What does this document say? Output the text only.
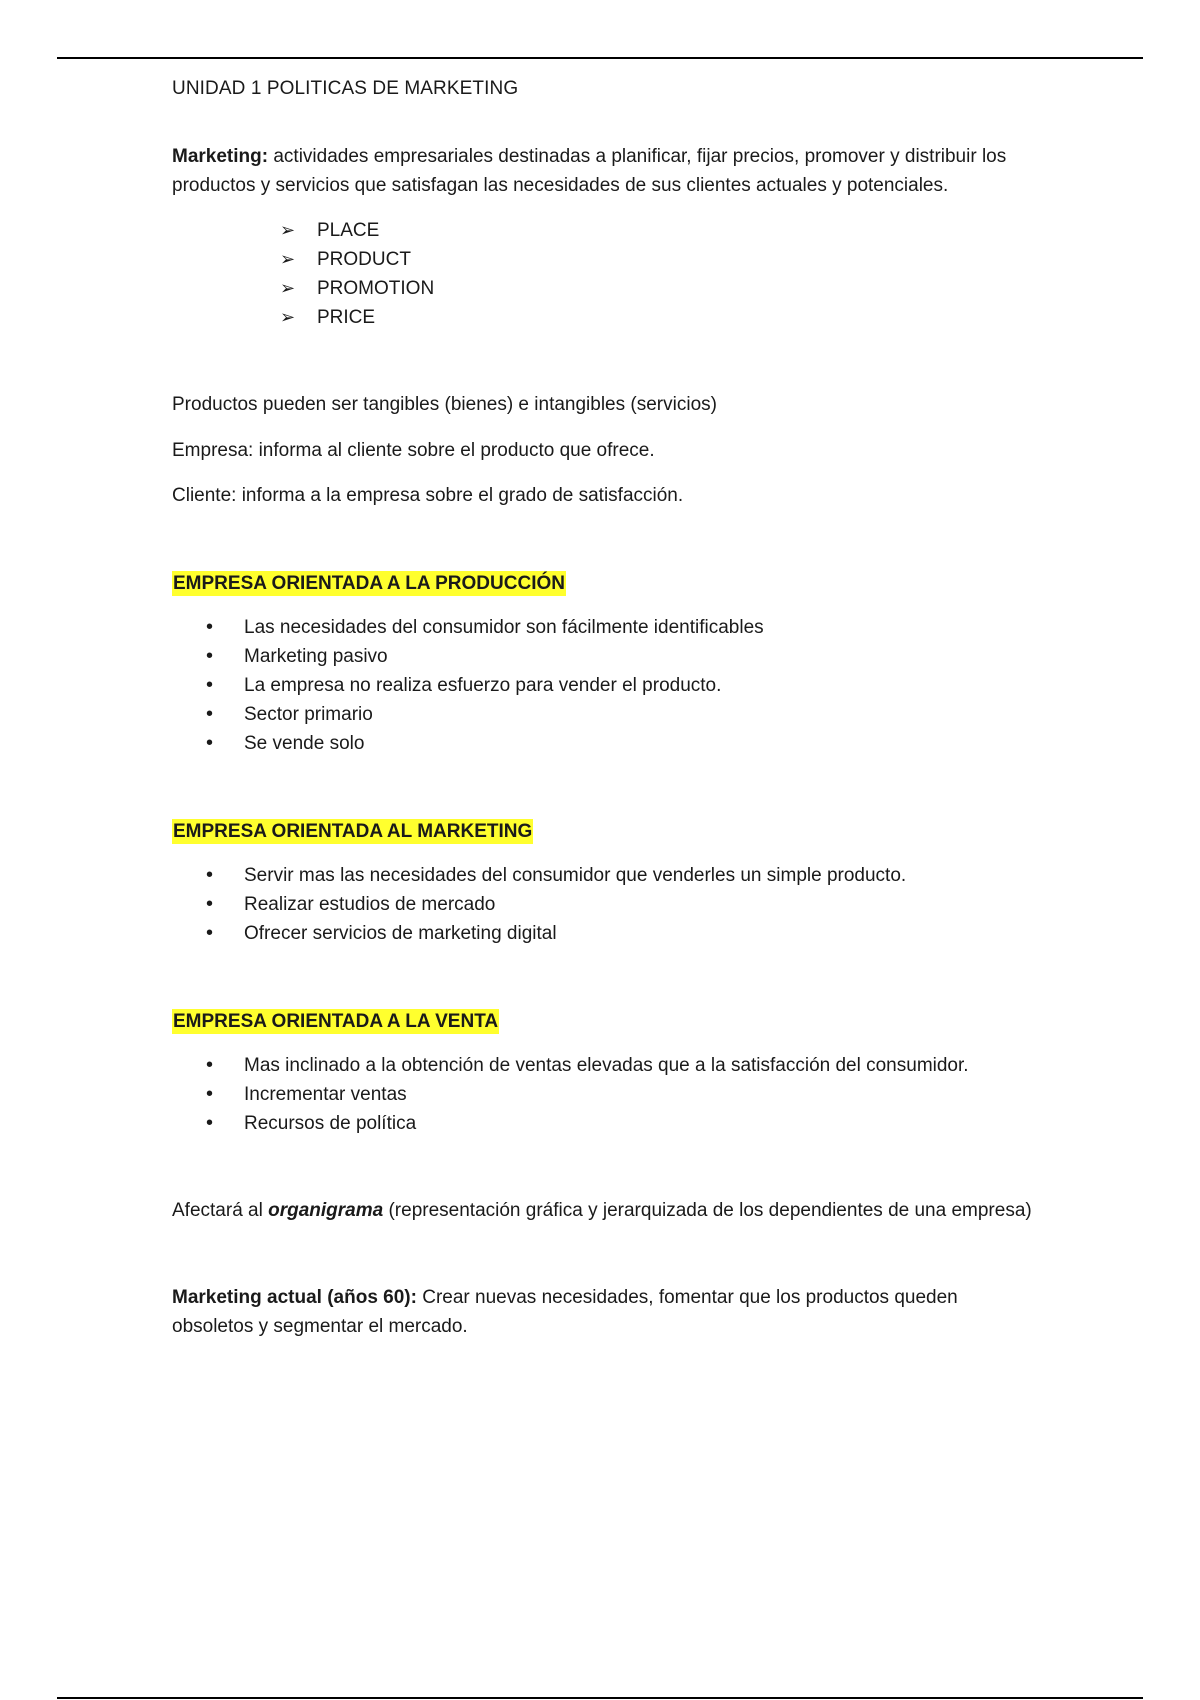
UNIDAD 1 POLITICAS DE MARKETING

Marketing: actividades empresariales destinadas a planificar, fijar precios, promover y distribuir los productos y servicios que satisfagan las necesidades de sus clientes actuales y potenciales.

➢ PLACE
➢ PRODUCT
➢ PROMOTION
➢ PRICE

Productos pueden ser tangibles (bienes) e intangibles (servicios)

Empresa: informa al cliente sobre el producto que ofrece.

Cliente: informa a la empresa sobre el grado de satisfacción.

EMPRESA ORIENTADA A LA PRODUCCIÓN
• Las necesidades del consumidor son fácilmente identificables
• Marketing pasivo
• La empresa no realiza esfuerzo para vender el producto.
• Sector primario
• Se vende solo
EMPRESA ORIENTADA AL MARKETING
• Servir mas las necesidades del consumidor que venderles un simple producto.
• Realizar estudios de mercado
• Ofrecer servicios de marketing digital
EMPRESA ORIENTADA A LA VENTA
• Mas inclinado a la obtención de ventas elevadas que a la satisfacción del consumidor.
• Incrementar ventas
• Recursos de política

Afectará al organigrama (representación gráfica y jerarquizada de los dependientes de una empresa)

Marketing actual (años 60): Crear nuevas necesidades, fomentar que los productos queden obsoletos y segmentar el mercado.
